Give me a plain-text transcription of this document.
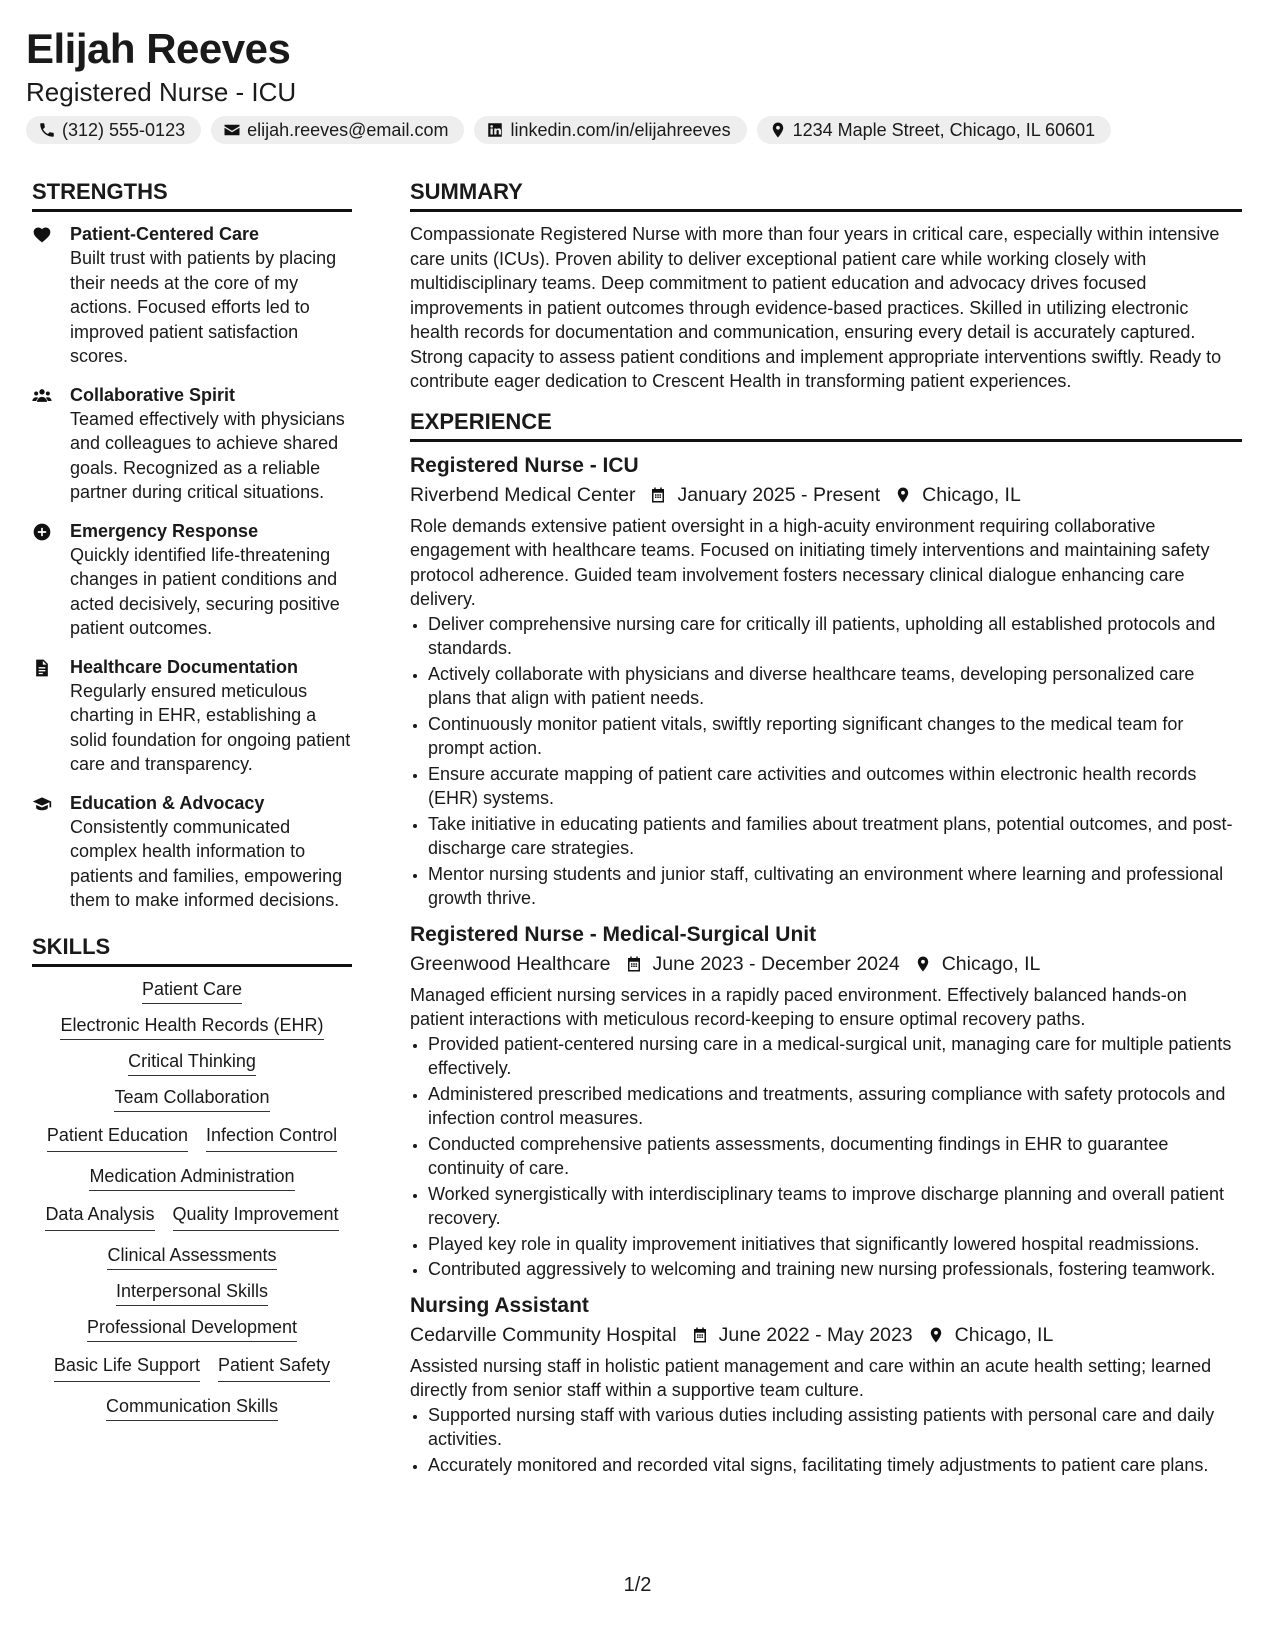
Elijah Reeves
Registered Nurse - ICU
(312) 555-0123	elijah.reeves@email.com	linkedin.com/in/elijahreeves	1234 Maple Street, Chicago, IL 60601
STRENGTHS
Patient-Centered Care
Built trust with patients by placing their needs at the core of my actions. Focused efforts led to improved patient satisfaction scores.
Collaborative Spirit
Teamed effectively with physicians and colleagues to achieve shared goals. Recognized as a reliable partner during critical situations.
Emergency Response
Quickly identified life-threatening changes in patient conditions and acted decisively, securing positive patient outcomes.
Healthcare Documentation
Regularly ensured meticulous charting in EHR, establishing a solid foundation for ongoing patient care and transparency.
Education & Advocacy
Consistently communicated complex health information to patients and families, empowering them to make informed decisions.
SKILLS
Patient Care
Electronic Health Records (EHR)
Critical Thinking
Team Collaboration
Patient Education Infection Control
Medication Administration
Data Analysis Quality Improvement
Clinical Assessments
Interpersonal Skills
Professional Development
Basic Life Support Patient Safety
Communication Skills
SUMMARY

Compassionate Registered Nurse with more than four years in critical care, especially within intensive care units (ICUs). Proven ability to deliver exceptional patient care while working closely with multidisciplinary teams. Deep commitment to patient education and advocacy drives focused improvements in patient outcomes through evidence-based practices. Skilled in utilizing electronic health records for documentation and communication, ensuring every detail is accurately captured. Strong capacity to assess patient conditions and implement appropriate interventions swiftly. Ready to contribute eager dedication to Crescent Health in transforming patient experiences.

EXPERIENCE
Registered Nurse - ICU
Riverbend Medical Center January 2025 - Present Chicago, IL

Role demands extensive patient oversight in a high-acuity environment requiring collaborative engagement with healthcare teams. Focused on initiating timely interventions and maintaining safety protocol adherence. Guided team involvement fosters necessary clinical dialogue enhancing care delivery.

• Deliver comprehensive nursing care for critically ill patients, upholding all established protocols and standards.
• Actively collaborate with physicians and diverse healthcare teams, developing personalized care plans that align with patient needs.
• Continuously monitor patient vitals, swiftly reporting significant changes to the medical team for prompt action.
• Ensure accurate mapping of patient care activities and outcomes within electronic health records (EHR) systems.
• Take initiative in educating patients and families about treatment plans, potential outcomes, and post-discharge care strategies.
• Mentor nursing students and junior staff, cultivating an environment where learning and professional growth thrive.
Registered Nurse - Medical-Surgical Unit
Greenwood Healthcare June 2023 - December 2024 Chicago, IL

Managed efficient nursing services in a rapidly paced environment. Effectively balanced hands-on patient interactions with meticulous record-keeping to ensure optimal recovery paths.

• Provided patient-centered nursing care in a medical-surgical unit, managing care for multiple patients effectively.
• Administered prescribed medications and treatments, assuring compliance with safety protocols and infection control measures.
• Conducted comprehensive patients assessments, documenting findings in EHR to guarantee continuity of care.
• Worked synergistically with interdisciplinary teams to improve discharge planning and overall patient recovery.
• Played key role in quality improvement initiatives that significantly lowered hospital readmissions.
• Contributed aggressively to welcoming and training new nursing professionals, fostering teamwork.
Nursing Assistant
Cedarville Community Hospital June 2022 - May 2023 Chicago, IL

Assisted nursing staff in holistic patient management and care within an acute health setting; learned directly from senior staff within a supportive team culture.

• Supported nursing staff with various duties including assisting patients with personal care and daily activities.
• Accurately monitored and recorded vital signs, facilitating timely adjustments to patient care plans.
1/2
